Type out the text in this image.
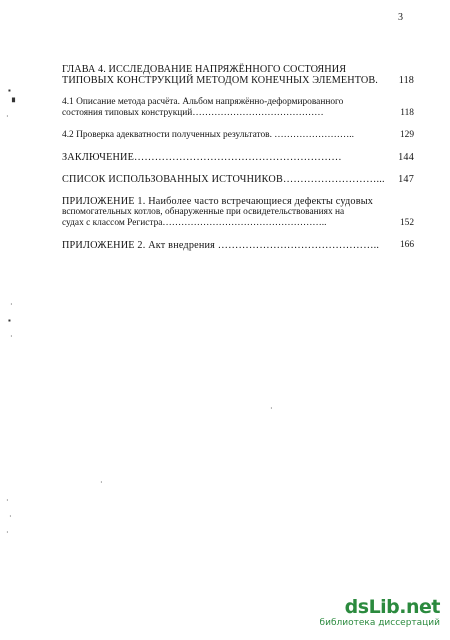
3
ГЛАВА 4. ИССЛЕДОВАНИЕ НАПРЯЖЁННОГО СОСТОЯНИЯ
ТИПОВЫХ КОНСТРУКЦИЙ МЕТОДОМ КОНЕЧНЫХ ЭЛЕМЕНТОВ.	118
4.1 Описание метода расчёта. Альбом напряжённо-деформированного
состояния типовых конструкций……………………………………	118
4.2 Проверка адекватности полученных результатов. ……………………..	129
ЗАКЛЮЧЕНИЕ……………………………………………………	144
СПИСОК ИСПОЛЬЗОВАННЫХ ИСТОЧНИКОВ………………………...	147
ПРИЛОЖЕНИЕ 1. Наиболее часто встречающиеся дефекты судовых
вспомогательных котлов, обнаруженные при освидетельствованиях на
судах с классом Регистра……………………………………………..	152
ПРИЛОЖЕНИЕ 2. Акт внедрения ………………………………………..	166
▪
▘
·
·
▪
·
·
·
·
·
·
dsLib.net
библиотека диссертаций
